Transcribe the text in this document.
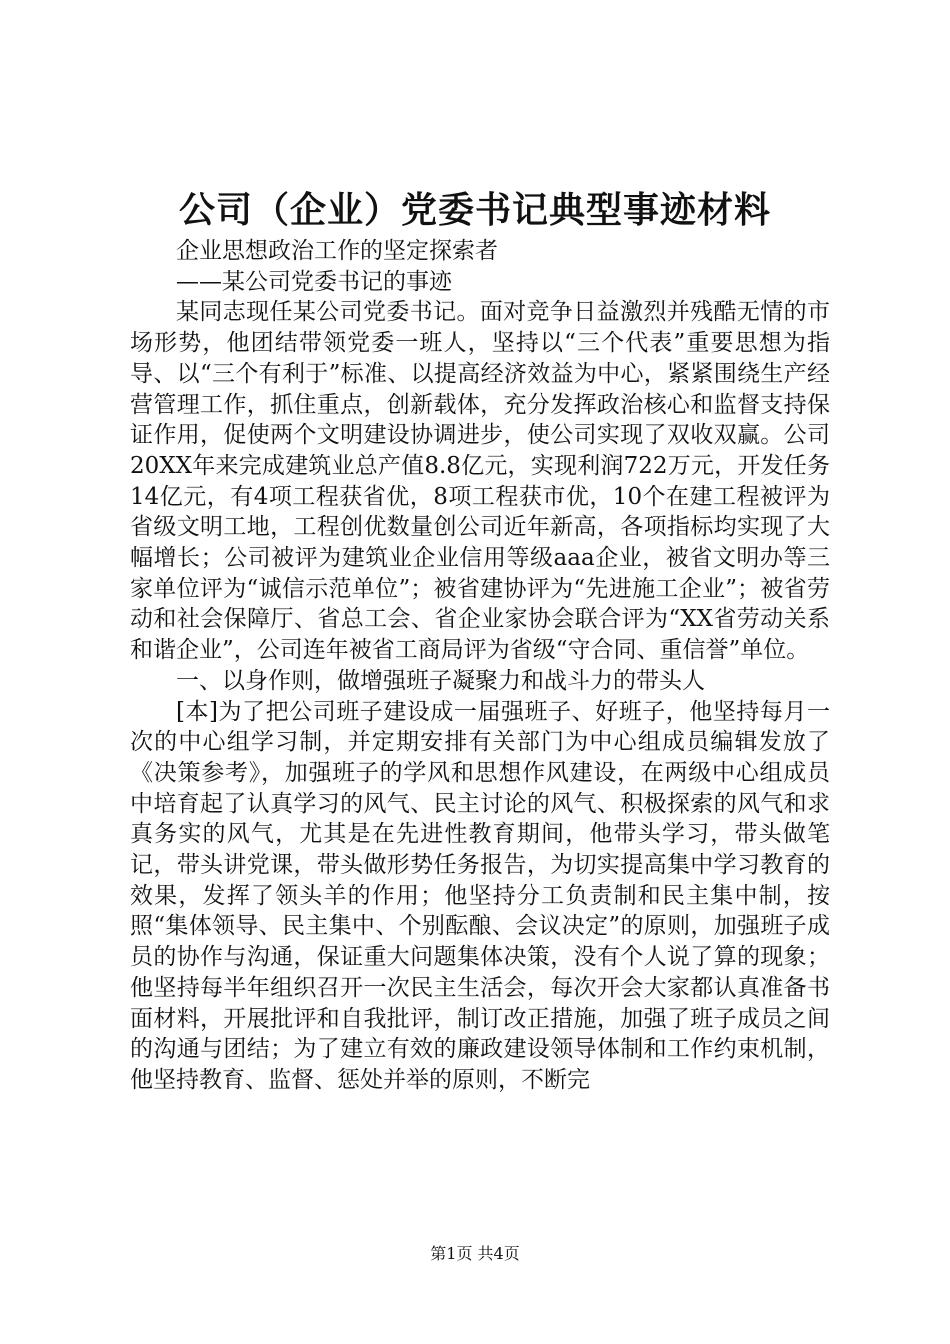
公司（企业）党委书记典型事迹材料

企业思想政治工作的坚定探索者

——某公司党委书记的事迹

某同志现任某公司党委书记。面对竞争日益激烈并残酷无情的市场形势，他团结带领党委一班人，坚持以“三个代表”重要思想为指导、以“三个有利于”标准、以提高经济效益为中心，紧紧围绕生产经营管理工作，抓住重点，创新载体，充分发挥政治核心和监督支持保证作用，促使两个文明建设协调进步，使公司实现了双收双赢。公司20XX年来完成建筑业总产值8.8亿元，实现利润722万元，开发任务14亿元，有4项工程获省优，8项工程获市优，10个在建工程被评为省级文明工地，工程创优数量创公司近年新高，各项指标均实现了大幅增长；公司被评为建筑业企业信用等级aaa企业，被省文明办等三家单位评为“诚信示范单位”；被省建协评为“先进施工企业”；被省劳动和社会保障厅、省总工会、省企业家协会联合评为“XX省劳动关系和谐企业”，公司连年被省工商局评为省级“守合同、重信誉”单位。

一、以身作则，做增强班子凝聚力和战斗力的带头人

[本]为了把公司班子建设成一届强班子、好班子，他坚持每月一次的中心组学习制，并定期安排有关部门为中心组成员编辑发放了《决策参考》，加强班子的学风和思想作风建设，在两级中心组成员中培育起了认真学习的风气、民主讨论的风气、积极探索的风气和求真务实的风气，尤其是在先进性教育期间，他带头学习，带头做笔记，带头讲党课，带头做形势任务报告，为切实提高集中学习教育的效果，发挥了领头羊的作用；他坚持分工负责制和民主集中制，按照“集体领导、民主集中、个别酝酿、会议决定”的原则，加强班子成员的协作与沟通，保证重大问题集体决策，没有个人说了算的现象；他坚持每半年组织召开一次民主生活会，每次开会大家都认真准备书面材料，开展批评和自我批评，制订改正措施，加强了班子成员之间的沟通与团结；为了建立有效的廉政建设领导体制和工作约束机制，他坚持教育、监督、惩处并举的原则，不断完

第1页 共4页
